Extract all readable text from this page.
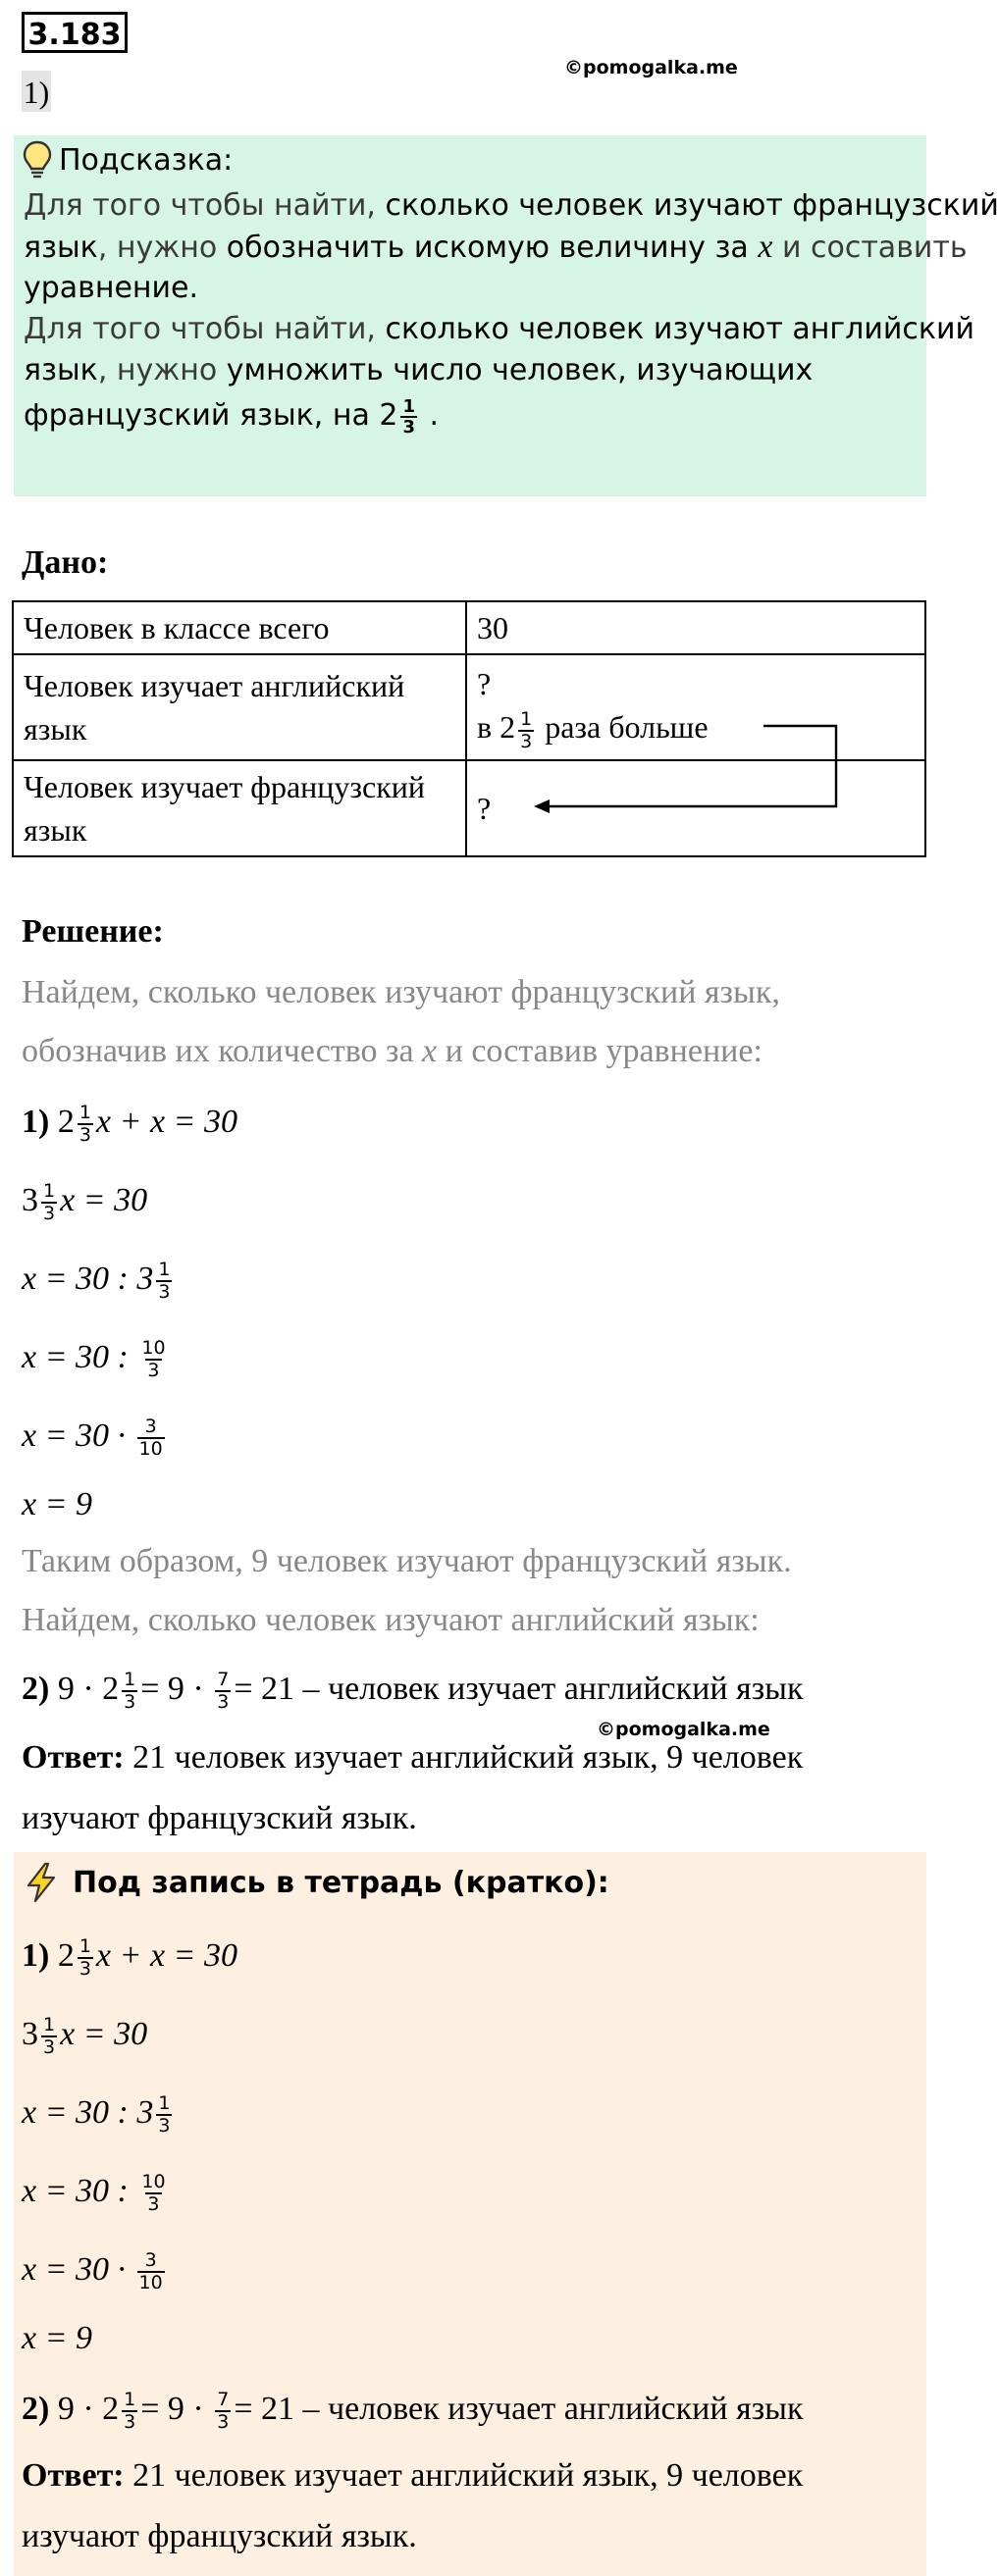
3.183
©pomogalka.me
1)
Подсказка:
Для того чтобы найти, сколько человек изучают французский
язык, нужно обозначить искомую величину за x и составить
уравнение.
Для того чтобы найти, сколько человек изучают английский
язык, нужно умножить число человек, изучающих
французский язык, на $2 \frac{1}{3}$ .
Дано:
Человек в классе всего	30
Человек изучает английский язык	?
в $2 \frac{1}{3}$ раза больше

Человек изучает французский язык	?
Решение:
Найдем, сколько человек изучают французский язык,
обозначив их количество за x и составив уравнение:
1) $2 \frac{1}{3}$ x + x = 30
$3 \frac{1}{3}$ x = 30
x = 30 : $3 \frac{1}{3}$
x = 30 : $\frac{10}{3}$
$x = 30 \cdot \frac{3}{10}$
x = 9
Таким образом, 9 человек изучают французский язык.
Найдем, сколько человек изучают английский язык:
2) $9 \cdot 2 \frac{1}{3} = 9 \cdot \frac{7}{3} = 21$ – человек изучает английский язык
©pomogalka.me
Ответ: 21 человек изучает английский язык, 9 человек
изучают французский язык.
Под запись в тетрадь (кратко):
1) $2 \frac{1}{3}$ x + x = 30
$3 \frac{1}{3}$ x = 30
x = 30 : $3 \frac{1}{3}$
x = 30 : $\frac{10}{3}$
$x = 30 \cdot \frac{3}{10}$
x = 9
2) $9 \cdot 2 \frac{1}{3} = 9 \cdot \frac{7}{3} = 21$ – человек изучает английский язык
Ответ: 21 человек изучает английский язык, 9 человек
изучают французский язык.
